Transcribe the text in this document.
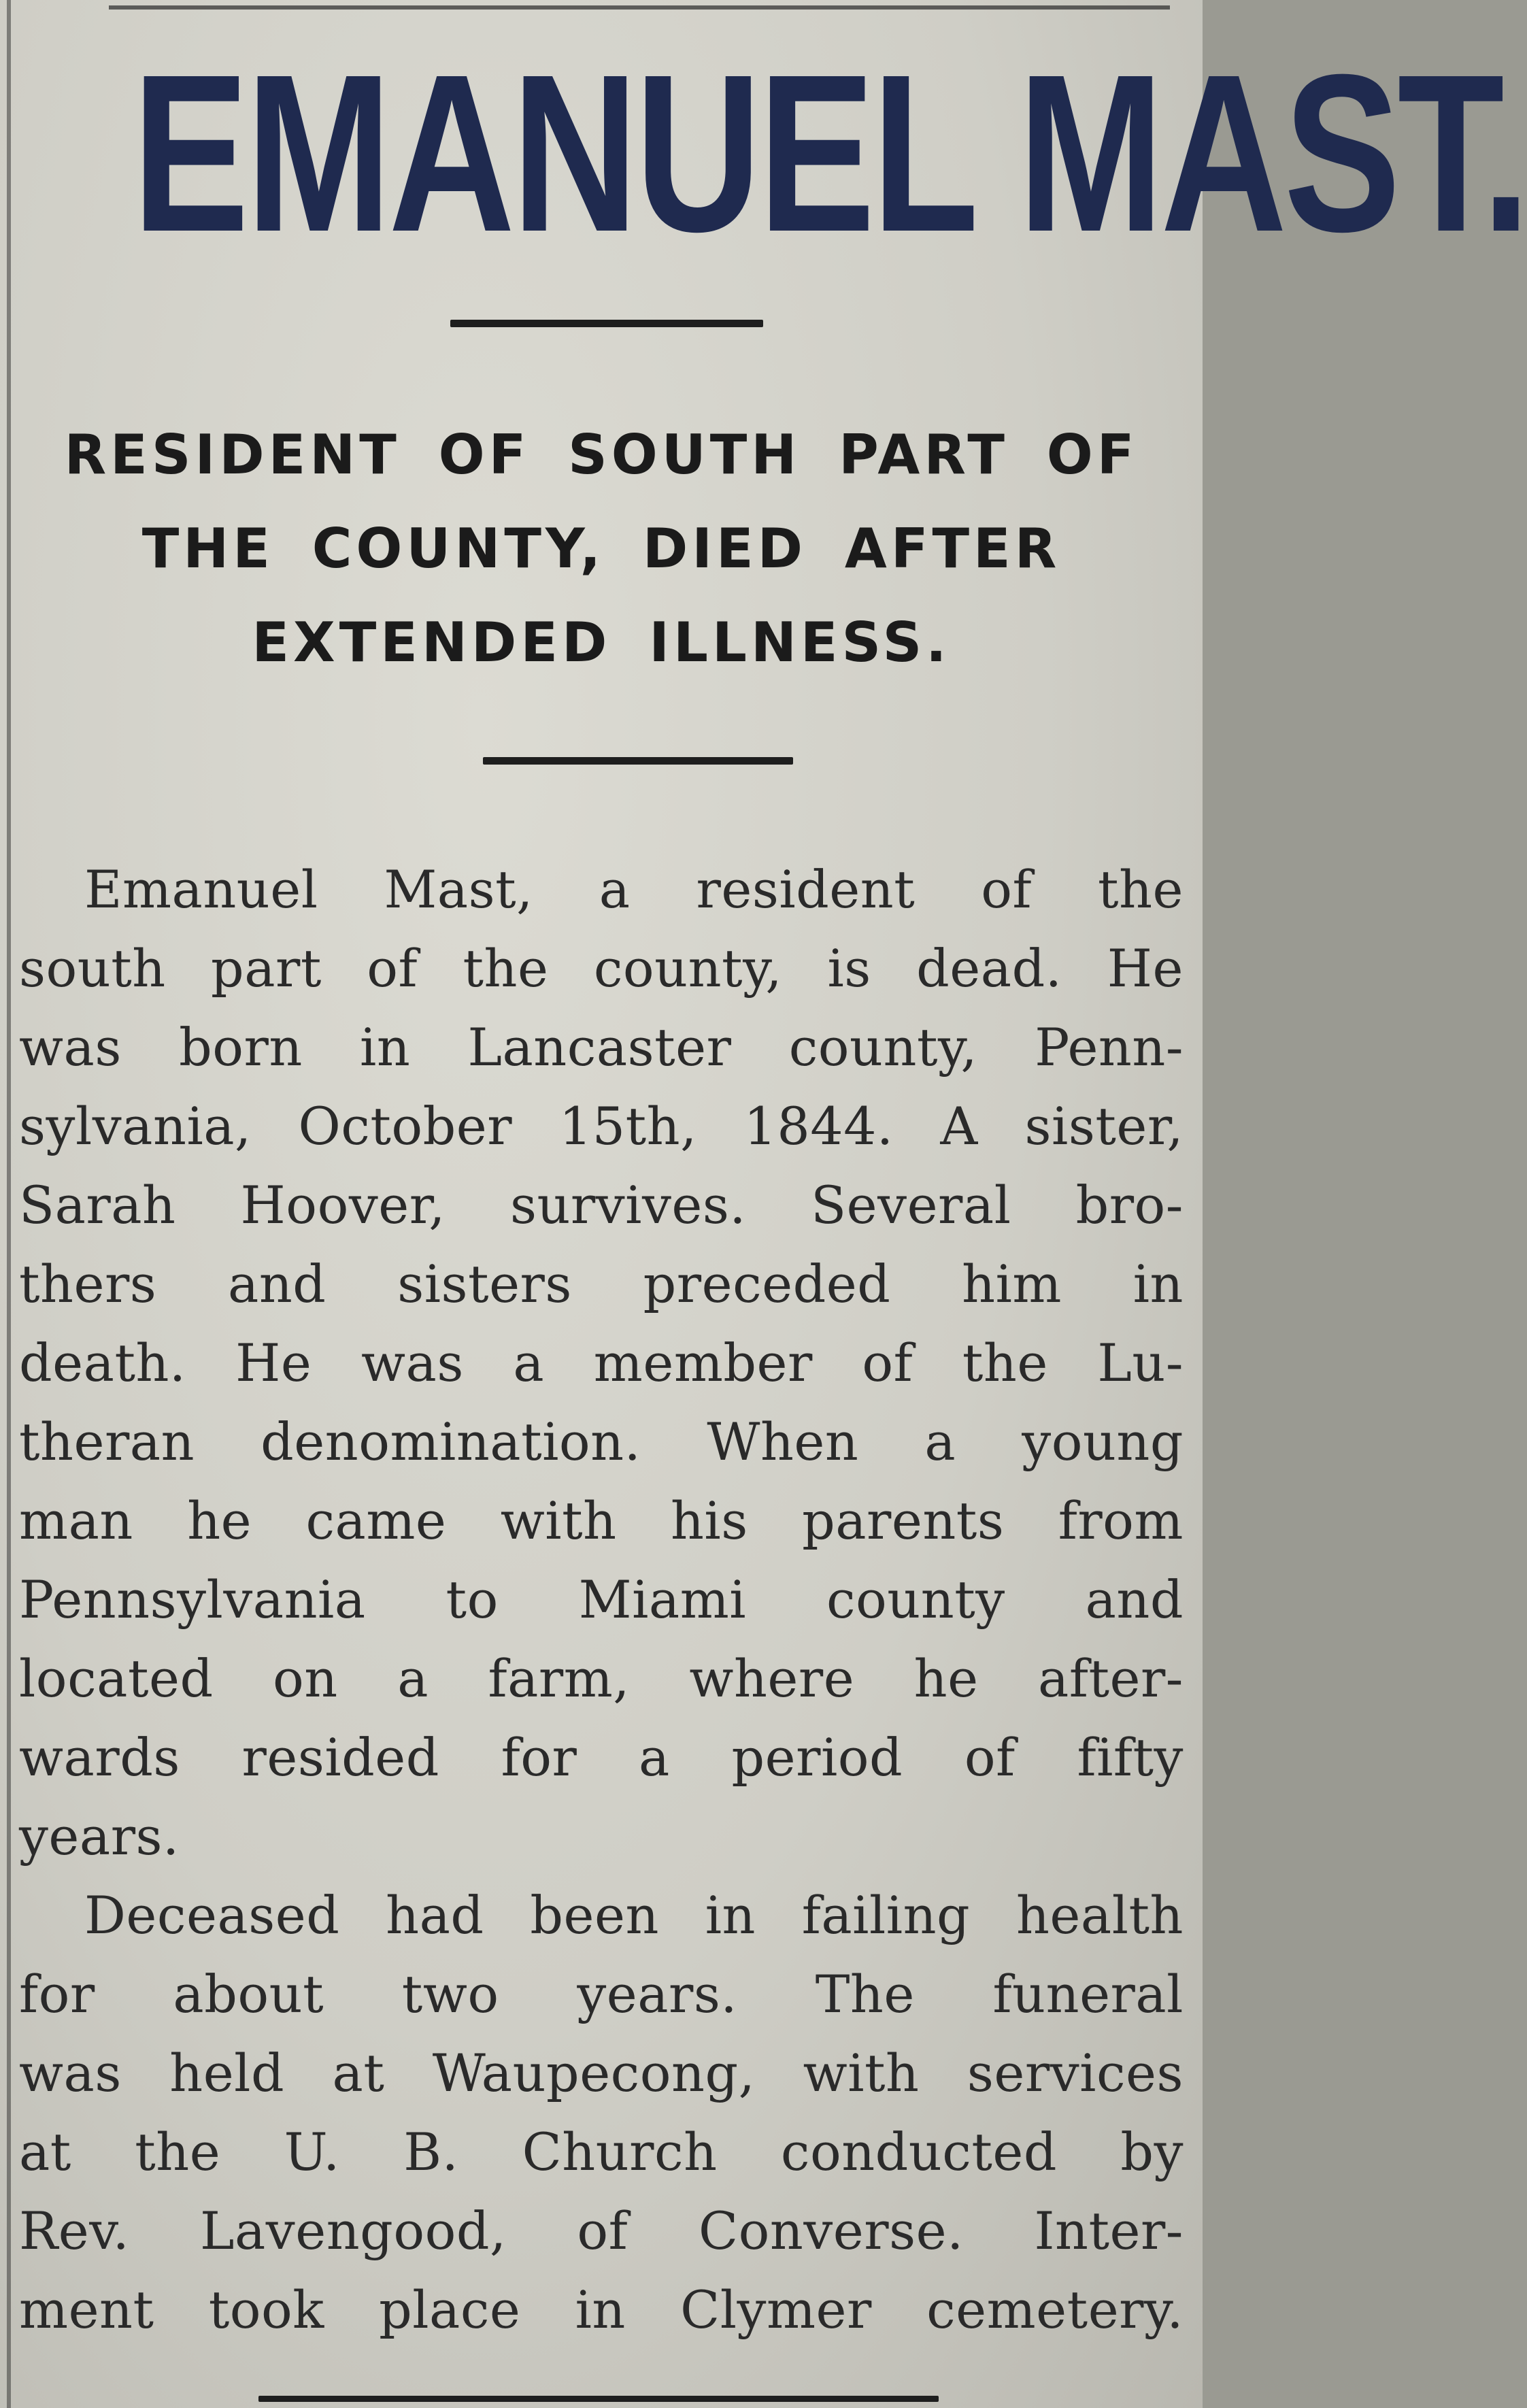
EMANUEL MAST.
RESIDENT OF SOUTH PART OF
THE COUNTY, DIED AFTER
EXTENDED ILLNESS.
Emanuel Mast, a resident of the
south part of the county, is dead. He
was born in Lancaster county, Penn-
sylvania, October 15th, 1844. A sister,
Sarah Hoover, survives. Several bro-
thers and sisters preceded him in
death. He was a member of the Lu-
theran denomination. When a young
man he came with his parents from
Pennsylvania to Miami county and
located on a farm, where he after-
wards resided for a period of fifty
years.
Deceased had been in failing health
for about two years. The funeral
was held at Waupecong, with services
at the U. B. Church conducted by
Rev. Lavengood, of Converse. Inter-
ment took place in Clymer cemetery.
